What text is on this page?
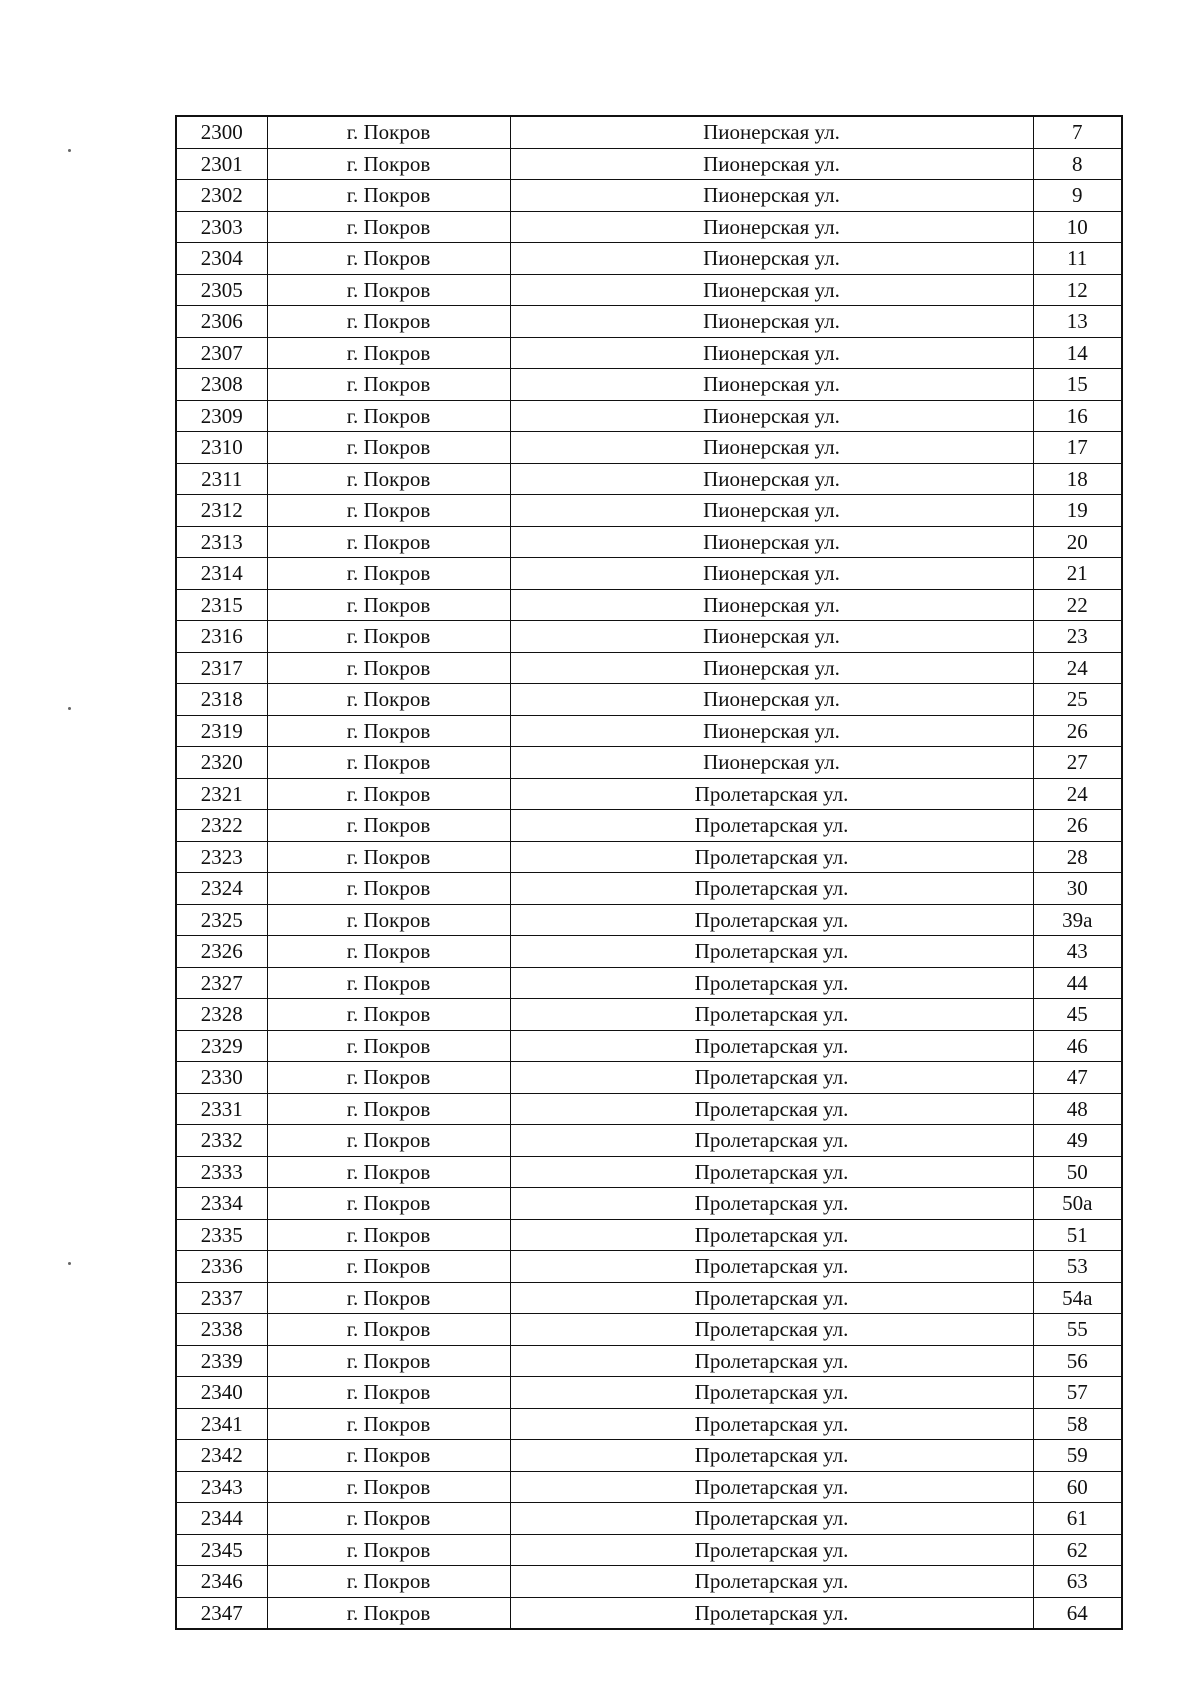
2300	г. Покров	Пионерская ул.	7
2301	г. Покров	Пионерская ул.	8
2302	г. Покров	Пионерская ул.	9
2303	г. Покров	Пионерская ул.	10
2304	г. Покров	Пионерская ул.	11
2305	г. Покров	Пионерская ул.	12
2306	г. Покров	Пионерская ул.	13
2307	г. Покров	Пионерская ул.	14
2308	г. Покров	Пионерская ул.	15
2309	г. Покров	Пионерская ул.	16
2310	г. Покров	Пионерская ул.	17
2311	г. Покров	Пионерская ул.	18
2312	г. Покров	Пионерская ул.	19
2313	г. Покров	Пионерская ул.	20
2314	г. Покров	Пионерская ул.	21
2315	г. Покров	Пионерская ул.	22
2316	г. Покров	Пионерская ул.	23
2317	г. Покров	Пионерская ул.	24
2318	г. Покров	Пионерская ул.	25
2319	г. Покров	Пионерская ул.	26
2320	г. Покров	Пионерская ул.	27
2321	г. Покров	Пролетарская ул.	24
2322	г. Покров	Пролетарская ул.	26
2323	г. Покров	Пролетарская ул.	28
2324	г. Покров	Пролетарская ул.	30
2325	г. Покров	Пролетарская ул.	39а
2326	г. Покров	Пролетарская ул.	43
2327	г. Покров	Пролетарская ул.	44
2328	г. Покров	Пролетарская ул.	45
2329	г. Покров	Пролетарская ул.	46
2330	г. Покров	Пролетарская ул.	47
2331	г. Покров	Пролетарская ул.	48
2332	г. Покров	Пролетарская ул.	49
2333	г. Покров	Пролетарская ул.	50
2334	г. Покров	Пролетарская ул.	50а
2335	г. Покров	Пролетарская ул.	51
2336	г. Покров	Пролетарская ул.	53
2337	г. Покров	Пролетарская ул.	54а
2338	г. Покров	Пролетарская ул.	55
2339	г. Покров	Пролетарская ул.	56
2340	г. Покров	Пролетарская ул.	57
2341	г. Покров	Пролетарская ул.	58
2342	г. Покров	Пролетарская ул.	59
2343	г. Покров	Пролетарская ул.	60
2344	г. Покров	Пролетарская ул.	61
2345	г. Покров	Пролетарская ул.	62
2346	г. Покров	Пролетарская ул.	63
2347	г. Покров	Пролетарская ул.	64
